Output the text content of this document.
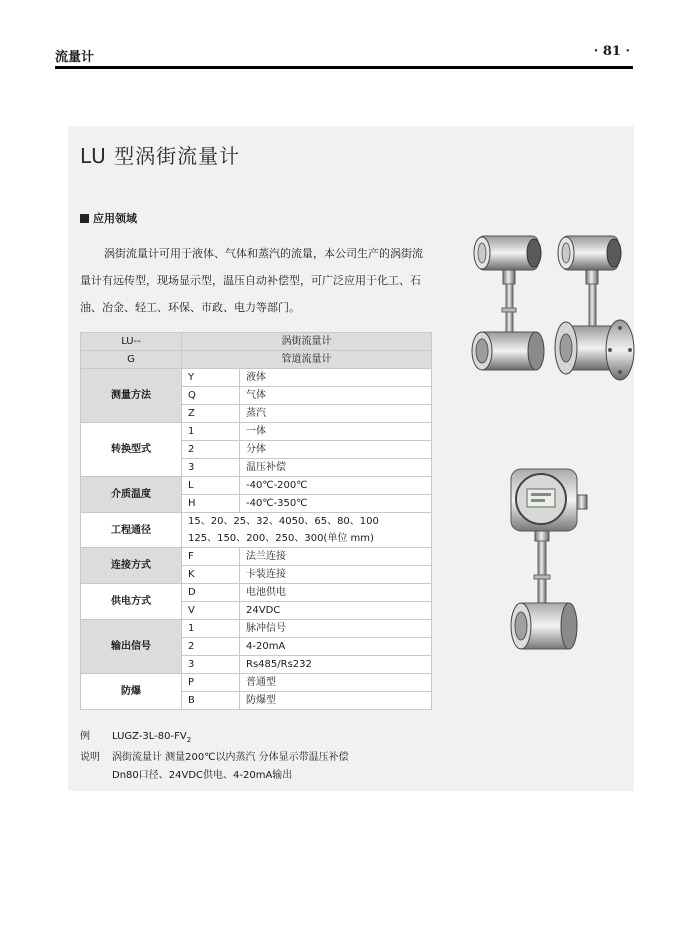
流量计	· 81 ·
LU 型涡街流量计
应用领域

涡街流量计可用于液体、气体和蒸汽的流量，本公司生产的涡街流量计有远传型，现场显示型，温压自动补偿型，可广泛应用于化工、石油、冶金、轻工、环保、市政、电力等部门。

LU--	涡街流量计	
G	管道流量计	
测量方法	Y	液体
	Q	气体
	Z	蒸汽
转换型式	1	一体
	2	分体
	3	温压补偿
介质温度	L	-40℃-200℃
	H	-40℃-350℃
工程通径	15、20、25、32、4050、65、80、100
125、150、200、250、300(单位 mm)	

连接方式	F	法兰连接
	K	卡装连接
供电方式	D	电池供电
	V	24VDC
输出信号	1	脉冲信号
	2	4-20mA
	3	Rs485/Rs232
防爆	P	普通型
	B	防爆型
例 LUGZ-$3L-80-FV_2$
说明 涡街流量计 测量200℃以内蒸汽 分体显示带温压补偿
Dn80口径、24VDC供电、4-20mA输出
